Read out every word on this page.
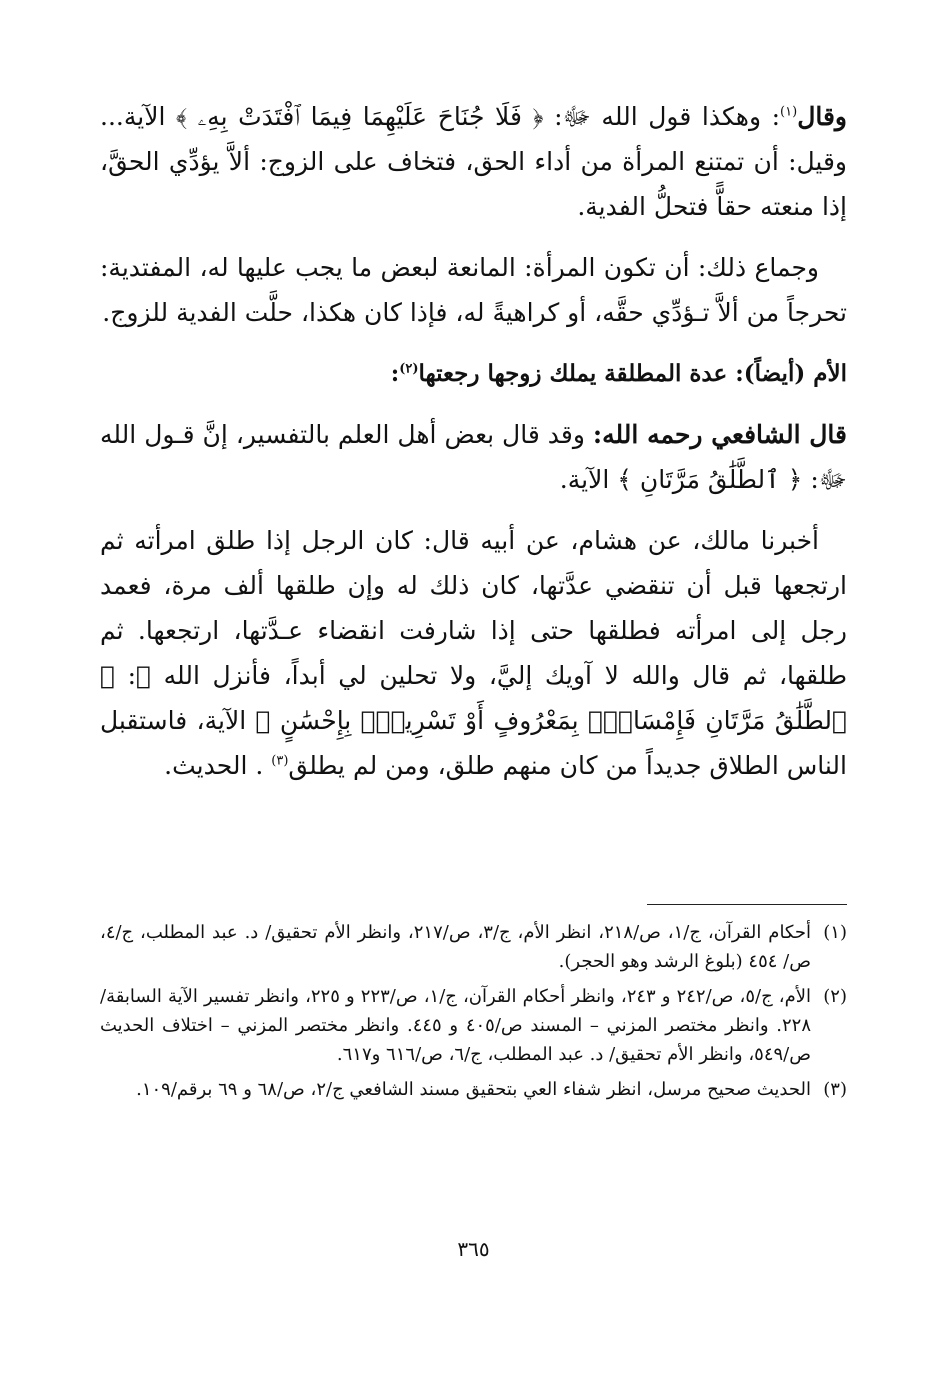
وقال$^{(١)}$: وهكذا قول الله ﷻ: ﴿ فَلَا جُنَاحَ عَلَيْهِمَا فِيمَا ٱفْتَدَتْ بِهِۦ ﴾ الآية... وقيل: أن تمتنع المرأة من أداء الحق، فتخاف على الزوج: ألاَّ يؤدِّي الحقَّ، إذا منعته حقاًّ فتحلُّ الفدية.

وجماع ذلك: أن تكون المرأة: المانعة لبعض ما يجب عليها له، المفتدية: تحرجاً من ألاَّ تـؤدِّي حقَّه، أو كراهيةً له، فإذا كان هكذا، حلَّت الفدية للزوج.

الأم (أيضاً): عدة المطلقة يملك زوجها رجعتها$^{(٢)}$:

قال الشافعي رحمه الله: وقد قال بعض أهل العلم بالتفسير، إنَّ قـول الله ﷻ: ﴿ ٱلطَّلَٰقُ مَرَّتَانِ ﴾ الآية.

أخبرنا مالك، عن هشام، عن أبيه قال: كان الرجل إذا طلق امرأته ثم ارتجعها قبل أن تنقضي عدَّتها، كان ذلك له وإن طلقها ألف مرة، فعمد رجل إلى امرأته فطلقها حتى إذا شارفت انقضاء عـدَّتها، ارتجعها. ثم طلقها، ثم قال والله لا آويك إليَّ، ولا تحلين لي أبداً، فأنزل الله ﷻ: ﴿ ٱلطَّلَٰقُ مَرَّتَانِ فَإِمْسَاكٌۢ بِمَعْرُوفٍ أَوْ تَسْرِيحٌۢ بِإِحْسَٰنٍ ﴾ الآية، فاستقبل الناس الطلاق جديداً من كان منهم طلق، ومن لم يطلق$^{(٣)}$ . الحديث.

(١)
أحكام القرآن، ج/١، ص/٢١٨، انظر الأم، ج/٣، ص/٢١٧، وانظر الأم تحقيق/ د. عبد المطلب، ج/٤، ص/ ٤٥٤ (بلوغ الرشد وهو الحجر).
(٢)
الأم، ج/٥، ص/٢٤٢ و ٢٤٣، وانظر أحكام القرآن، ج/١، ص/٢٢٣ و ٢٢٥، وانظر تفسير الآية السابقة/٢٢٨. وانظر مختصر المزني – المسند ص/٤٠٥ و ٤٤٥. وانظر مختصر المزني – اختلاف الحديث ص/٥٤٩، وانظر الأم تحقيق/ د. عبد المطلب، ج/٦، ص/٦١٦ و٦١٧.
(٣)
الحديث صحيح مرسل، انظر شفاء العي بتحقيق مسند الشافعي ج/٢، ص/٦٨ و ٦٩ برقم/١٠٩.
٣٦٥
